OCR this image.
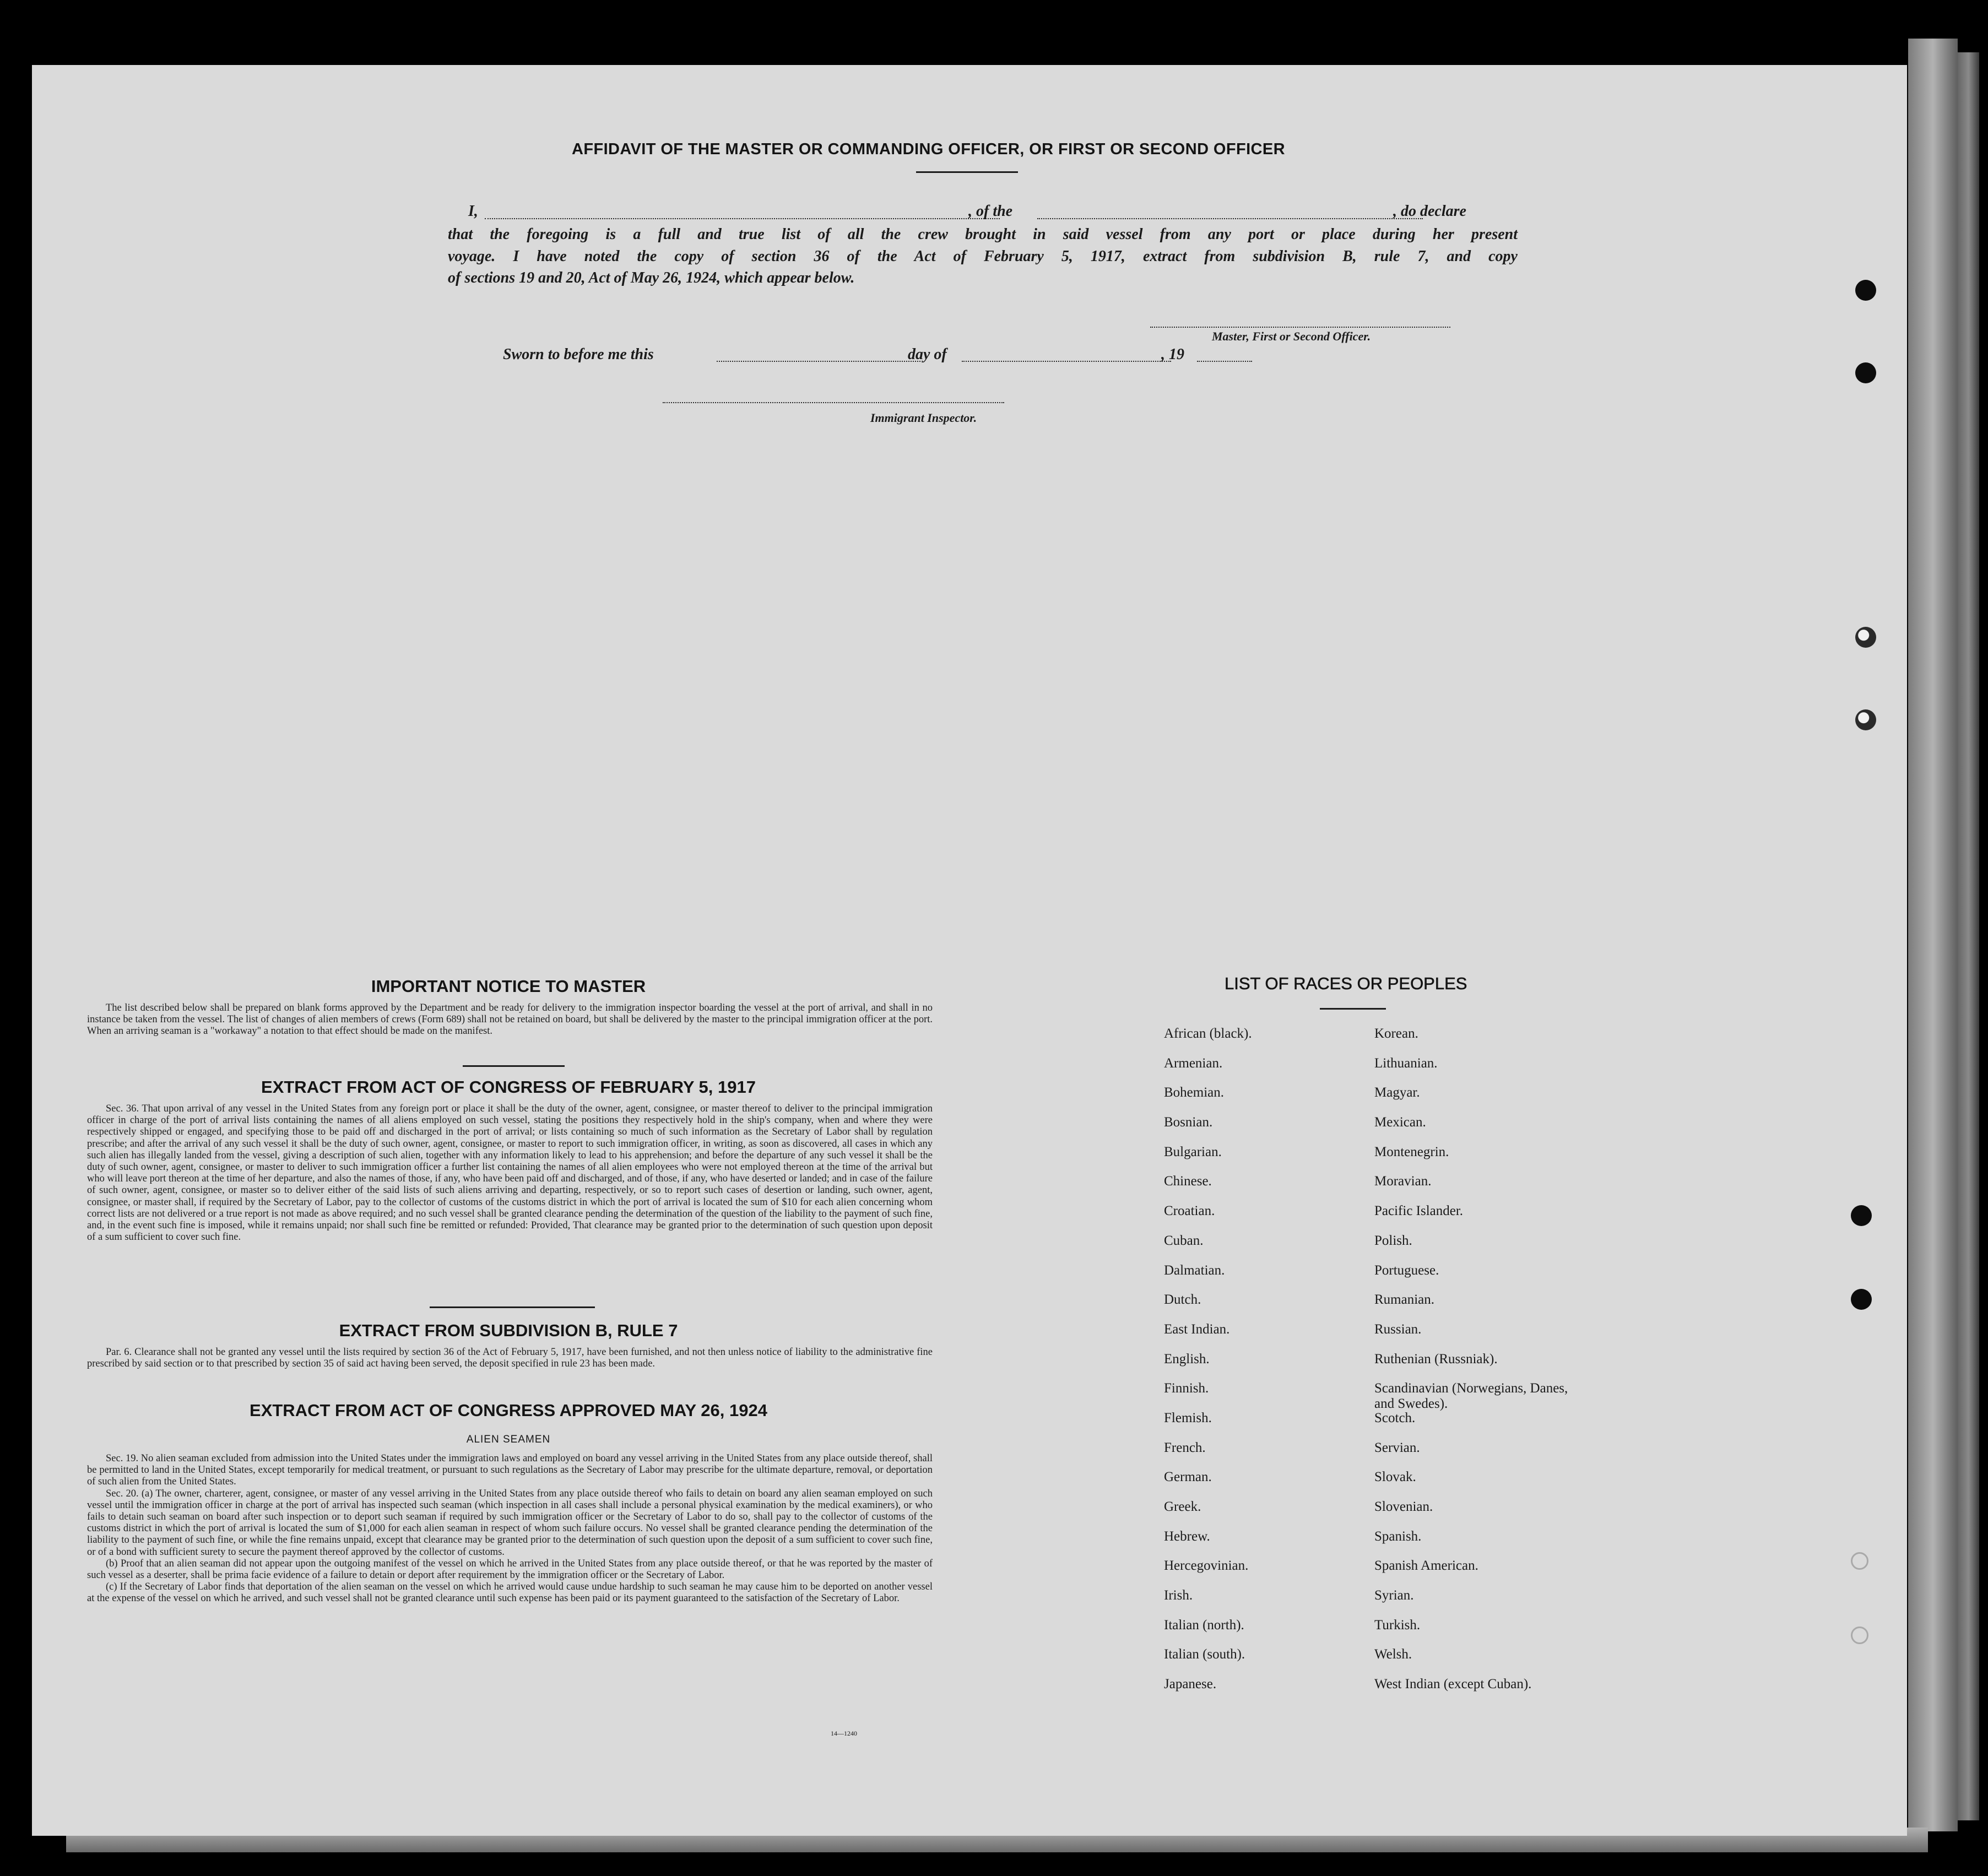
AFFIDAVIT OF THE MASTER OR COMMANDING OFFICER, OR FIRST OR SECOND OFFICER
I,	, of the	, do declare
that the foregoing is a full and true list of all the crew brought in said vessel from any port or place during her present
voyage. I have noted the copy of section 36 of the Act of February 5, 1917, extract from subdivision B, rule 7, and copy
of sections 19 and 20, Act of May 26, 1924, which appear below.
Master, First or Second Officer.
Sworn to before me this	day of	, 19
Immigrant Inspector.
IMPORTANT NOTICE TO MASTER

The list described below shall be prepared on blank forms approved by the Department and be ready for delivery to the immigration inspector boarding the vessel at the port of arrival, and shall in no instance be taken from the vessel. The list of changes of alien members of crews (Form 689) shall not be retained on board, but shall be delivered by the master to the principal immigration officer at the port. When an arriving seaman is a "workaway" a notation to that effect should be made on the manifest.

EXTRACT FROM ACT OF CONGRESS OF FEBRUARY 5, 1917

Sec. 36. That upon arrival of any vessel in the United States from any foreign port or place it shall be the duty of the owner, agent, consignee, or master thereof to deliver to the principal immigration officer in charge of the port of arrival lists containing the names of all aliens employed on such vessel, stating the positions they respectively hold in the ship's company, when and where they were respectively shipped or engaged, and specifying those to be paid off and discharged in the port of arrival; or lists containing so much of such information as the Secretary of Labor shall by regulation prescribe; and after the arrival of any such vessel it shall be the duty of such owner, agent, consignee, or master to report to such immigration officer, in writing, as soon as discovered, all cases in which any such alien has illegally landed from the vessel, giving a description of such alien, together with any information likely to lead to his apprehension; and before the departure of any such vessel it shall be the duty of such owner, agent, consignee, or master to deliver to such immigration officer a further list containing the names of all alien employees who were not employed thereon at the time of the arrival but who will leave port thereon at the time of her departure, and also the names of those, if any, who have been paid off and discharged, and of those, if any, who have deserted or landed; and in case of the failure of such owner, agent, consignee, or master so to deliver either of the said lists of such aliens arriving and departing, respectively, or so to report such cases of desertion or landing, such owner, agent, consignee, or master shall, if required by the Secretary of Labor, pay to the collector of customs of the customs district in which the port of arrival is located the sum of $10 for each alien concerning whom correct lists are not delivered or a true report is not made as above required; and no such vessel shall be granted clearance pending the determination of the question of the liability to the payment of such fine, and, in the event such fine is imposed, while it remains unpaid; nor shall such fine be remitted or refunded: Provided, That clearance may be granted prior to the determination of such question upon deposit of a sum sufficient to cover such fine.

EXTRACT FROM SUBDIVISION B, RULE 7

Par. 6. Clearance shall not be granted any vessel until the lists required by section 36 of the Act of February 5, 1917, have been furnished, and not then unless notice of liability to the administrative fine prescribed by said section or to that prescribed by section 35 of said act having been served, the deposit specified in rule 23 has been made.

EXTRACT FROM ACT OF CONGRESS APPROVED MAY 26, 1924
ALIEN SEAMEN

Sec. 19. No alien seaman excluded from admission into the United States under the immigration laws and employed on board any vessel arriving in the United States from any place outside thereof, shall be permitted to land in the United States, except temporarily for medical treatment, or pursuant to such regulations as the Secretary of Labor may prescribe for the ultimate departure, removal, or deportation of such alien from the United States.

Sec. 20. (a) The owner, charterer, agent, consignee, or master of any vessel arriving in the United States from any place outside thereof who fails to detain on board any alien seaman employed on such vessel until the immigration officer in charge at the port of arrival has inspected such seaman (which inspection in all cases shall include a personal physical examination by the medical examiners), or who fails to detain such seaman on board after such inspection or to deport such seaman if required by such immigration officer or the Secretary of Labor to do so, shall pay to the collector of customs of the customs district in which the port of arrival is located the sum of $1,000 for each alien seaman in respect of whom such failure occurs. No vessel shall be granted clearance pending the determination of the liability to the payment of such fine, or while the fine remains unpaid, except that clearance may be granted prior to the determination of such question upon the deposit of a sum sufficient to cover such fine, or of a bond with sufficient surety to secure the payment thereof approved by the collector of customs.

(b) Proof that an alien seaman did not appear upon the outgoing manifest of the vessel on which he arrived in the United States from any place outside thereof, or that he was reported by the master of such vessel as a deserter, shall be prima facie evidence of a failure to detain or deport after requirement by the immigration officer or the Secretary of Labor.

(c) If the Secretary of Labor finds that deportation of the alien seaman on the vessel on which he arrived would cause undue hardship to such seaman he may cause him to be deported on another vessel at the expense of the vessel on which he arrived, and such vessel shall not be granted clearance until such expense has been paid or its payment guaranteed to the satisfaction of the Secretary of Labor.

14—1240
LIST OF RACES OR PEOPLES
African (black).	Korean.
Armenian.	Lithuanian.
Bohemian.	Magyar.
Bosnian.	Mexican.
Bulgarian.	Montenegrin.
Chinese.	Moravian.
Croatian.	Pacific Islander.
Cuban.	Polish.
Dalmatian.	Portuguese.
Dutch.	Rumanian.
East Indian.	Russian.
English.	Ruthenian (Russniak).
Finnish.	Scandinavian (Norwegians, Danes, and Swedes).
Flemish.	Scotch.
French.	Servian.
German.	Slovak.
Greek.	Slovenian.
Hebrew.	Spanish.
Hercegovinian.	Spanish American.
Irish.	Syrian.
Italian (north).	Turkish.
Italian (south).	Welsh.
Japanese.	West Indian (except Cuban).
